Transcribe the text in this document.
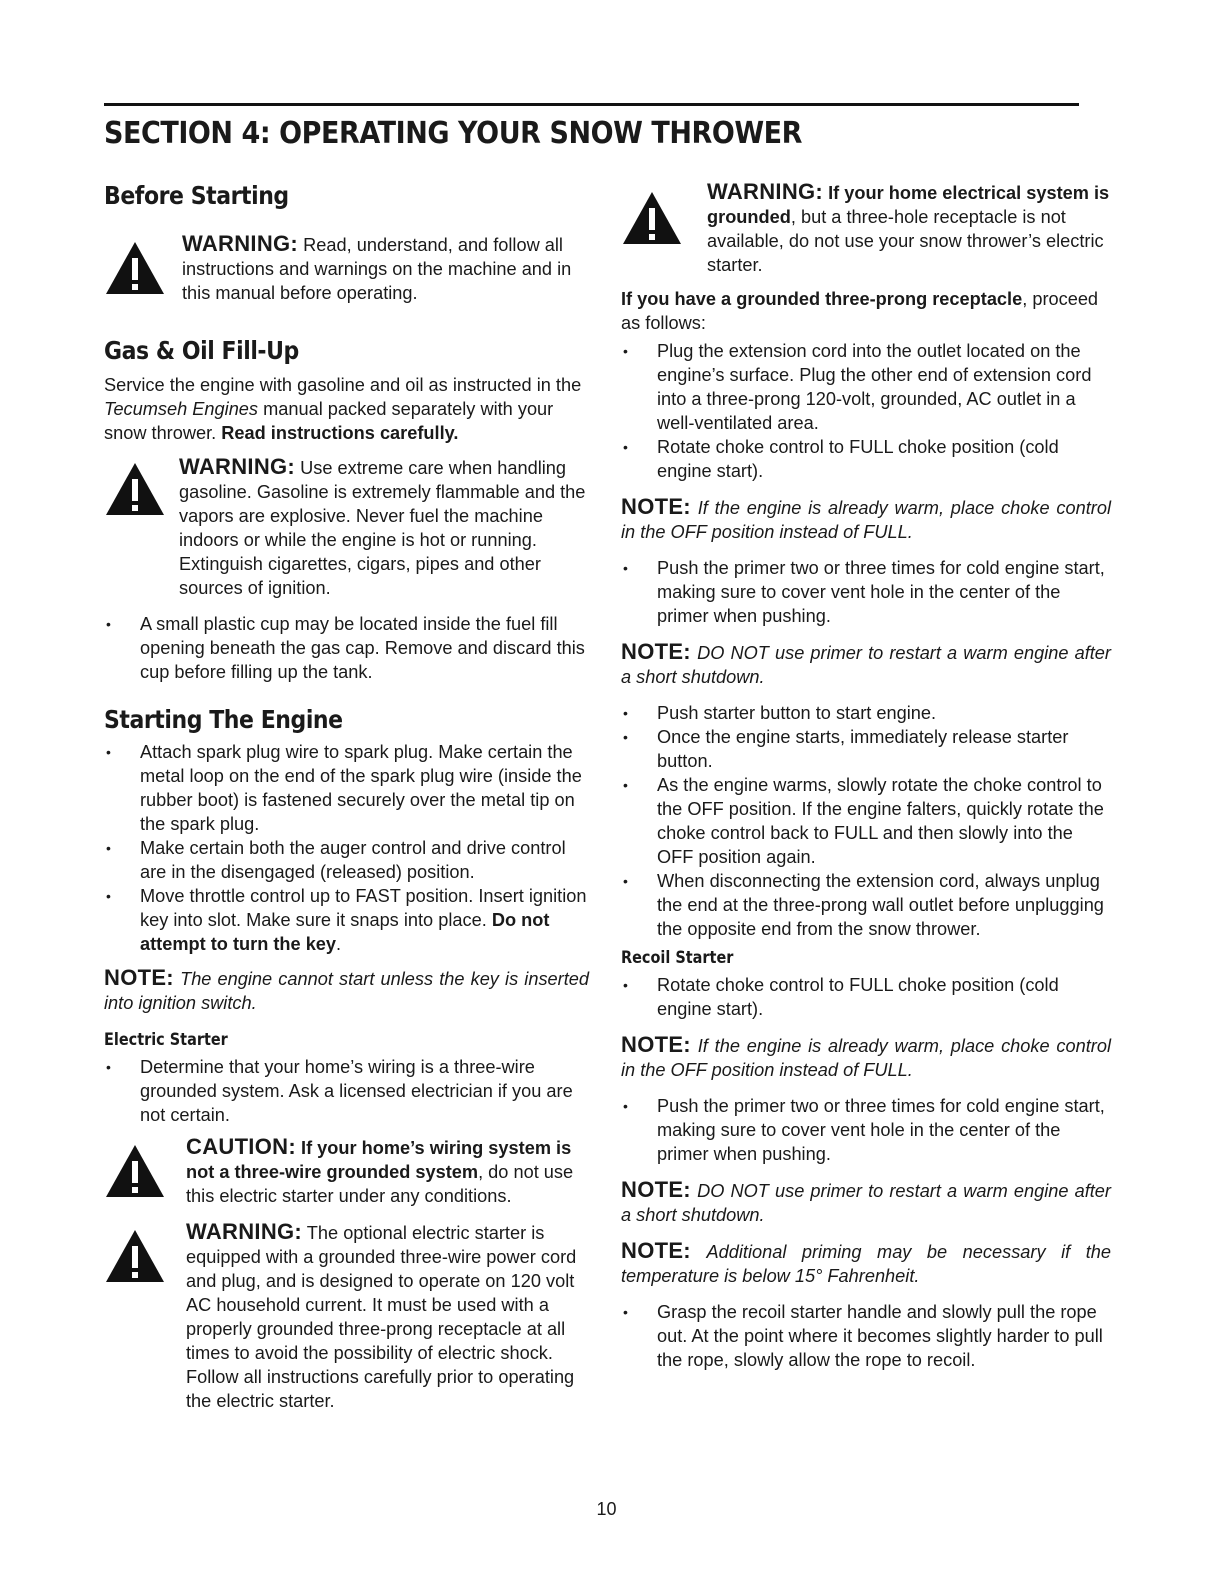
SECTION 4: OPERATING YOUR SNOW THROWER
Before Starting

WARNING: Read, understand, and follow all instructions and warnings on the machine and in this manual before operating.

Gas & Oil Fill-Up

Service the engine with gasoline and oil as instructed in the Tecumseh Engines manual packed separately with your snow thrower. Read instructions carefully.

WARNING: Use extreme care when handling gasoline. Gasoline is extremely flammable and the vapors are explosive. Never fuel the machine indoors or while the engine is hot or running. Extinguish cigarettes, cigars, pipes and other sources of ignition.

• A small plastic cup may be located inside the fuel fill opening beneath the gas cap. Remove and discard this cup before filling up the tank.
Starting The Engine
• Attach spark plug wire to spark plug. Make certain the metal loop on the end of the spark plug wire (inside the rubber boot) is fastened securely over the metal tip on the spark plug.
• Make certain both the auger control and drive control are in the disengaged (released) position.
• Move throttle control up to FAST position. Insert ignition key into slot. Make sure it snaps into place. Do not attempt to turn the key.

NOTE: The engine cannot start unless the key is inserted into ignition switch.

Electric Starter
• Determine that your home’s wiring is a three-wire grounded system. Ask a licensed electrician if you are not certain.

CAUTION: If your home’s wiring system is not a three-wire grounded system, do not use this electric starter under any conditions.

WARNING: The optional electric starter is equipped with a grounded three-wire power cord and plug, and is designed to operate on 120 volt AC household current. It must be used with a properly grounded three-prong receptacle at all times to avoid the possibility of electric shock. Follow all instructions carefully prior to operating the electric starter.

WARNING: If your home electrical system is grounded, but a three-hole receptacle is not available, do not use your snow thrower’s electric starter.

If you have a grounded three-prong receptacle, proceed as follows:

• Plug the extension cord into the outlet located on the engine’s surface. Plug the other end of extension cord into a three-prong 120-volt, grounded, AC outlet in a well-ventilated area.
• Rotate choke control to FULL choke position (cold engine start).

NOTE: If the engine is already warm, place choke control in the OFF position instead of FULL.

• Push the primer two or three times for cold engine start, making sure to cover vent hole in the center of the primer when pushing.

NOTE: DO NOT use primer to restart a warm engine after a short shutdown.

• Push starter button to start engine.
• Once the engine starts, immediately release starter button.
• As the engine warms, slowly rotate the choke control to the OFF position. If the engine falters, quickly rotate the choke control back to FULL and then slowly into the OFF position again.
• When disconnecting the extension cord, always unplug the end at the three-prong wall outlet before unplugging the opposite end from the snow thrower.
Recoil Starter
• Rotate choke control to FULL choke position (cold engine start).

NOTE: If the engine is already warm, place choke control in the OFF position instead of FULL.

• Push the primer two or three times for cold engine start, making sure to cover vent hole in the center of the primer when pushing.

NOTE: DO NOT use primer to restart a warm engine after a short shutdown.

NOTE: Additional priming may be necessary if the temperature is below 15° Fahrenheit.

• Grasp the recoil starter handle and slowly pull the rope out. At the point where it becomes slightly harder to pull the rope, slowly allow the rope to recoil.
10
